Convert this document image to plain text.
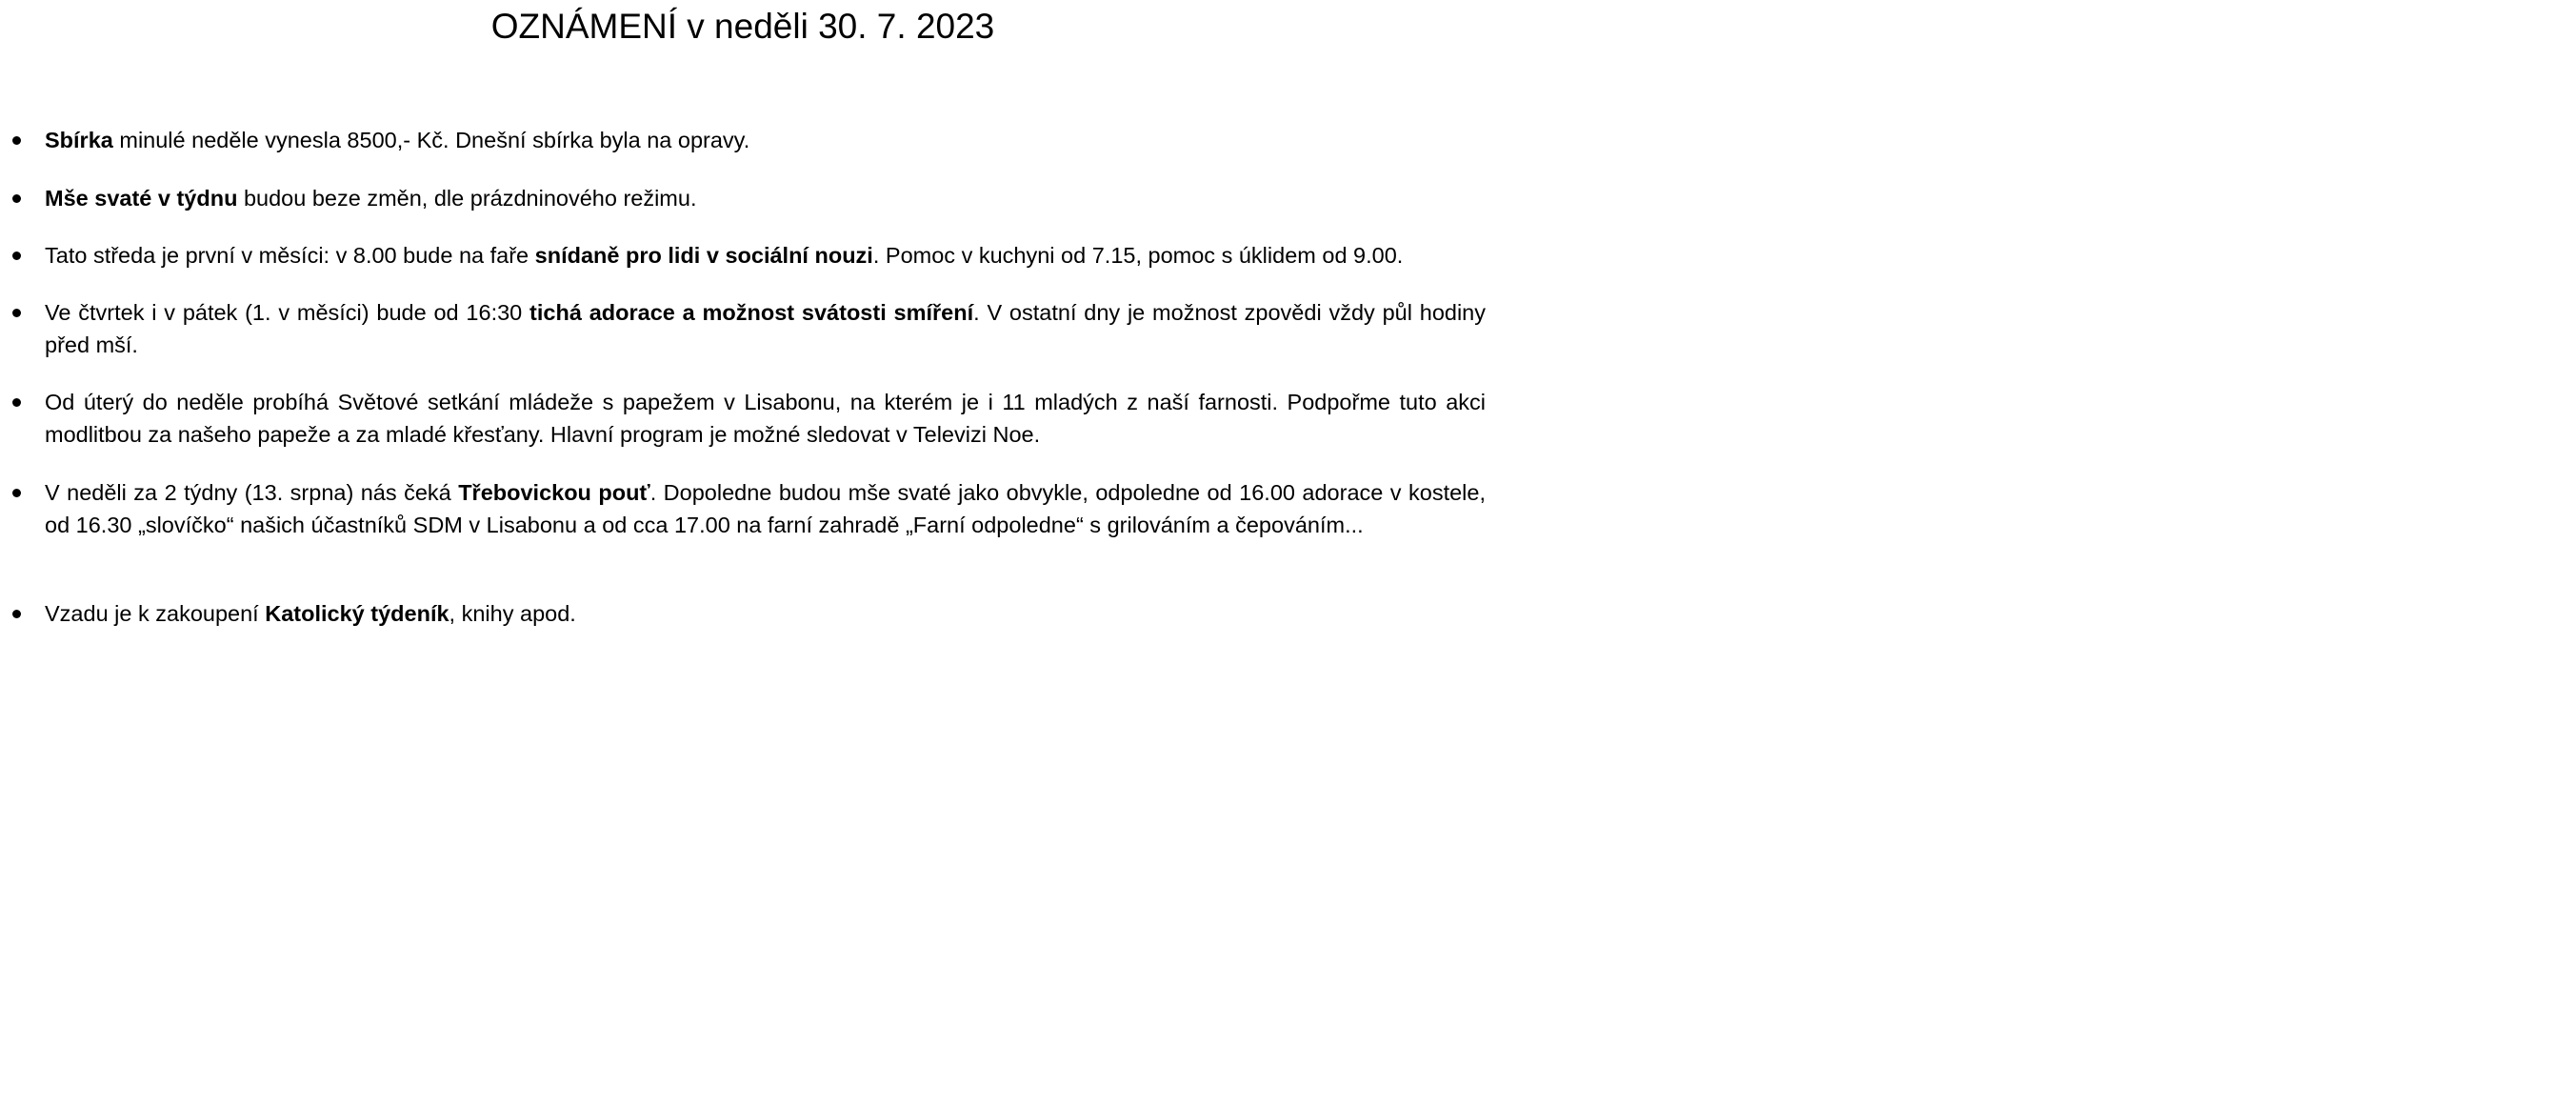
OZNÁMENÍ v neděli 30. 7. 2023
Sbírka minulé neděle vynesla 8500,- Kč. Dnešní sbírka byla na opravy.
Mše svaté v týdnu budou beze změn, dle prázdninového režimu.
Tato středa je první v měsíci: v 8.00 bude na faře snídaně pro lidi v sociální nouzi. Pomoc v kuchyni od 7.15, pomoc s úklidem od 9.00.
Ve čtvrtek i v pátek (1. v měsíci) bude od 16:30 tichá adorace a možnost svátosti smíření. V ostatní dny je možnost zpovědi vždy půl hodiny před mší.
Od úterý do neděle probíhá Světové setkání mládeže s papežem v Lisabonu, na kterém je i 11 mladých z naší farnosti. Podpořme tuto akci modlitbou za našeho papeže a za mladé křesťany. Hlavní program je možné sledovat v Televizi Noe.
V neděli za 2 týdny (13. srpna) nás čeká Třebovickou pouť. Dopoledne budou mše svaté jako obvykle, odpoledne od 16.00 adorace v kostele, od 16.30 „slovíčko“ našich účastníků SDM v Lisabonu a od cca 17.00 na farní zahradě „Farní odpoledne“ s grilováním a čepováním...
Vzadu je k zakoupení Katolický týdeník, knihy apod.
